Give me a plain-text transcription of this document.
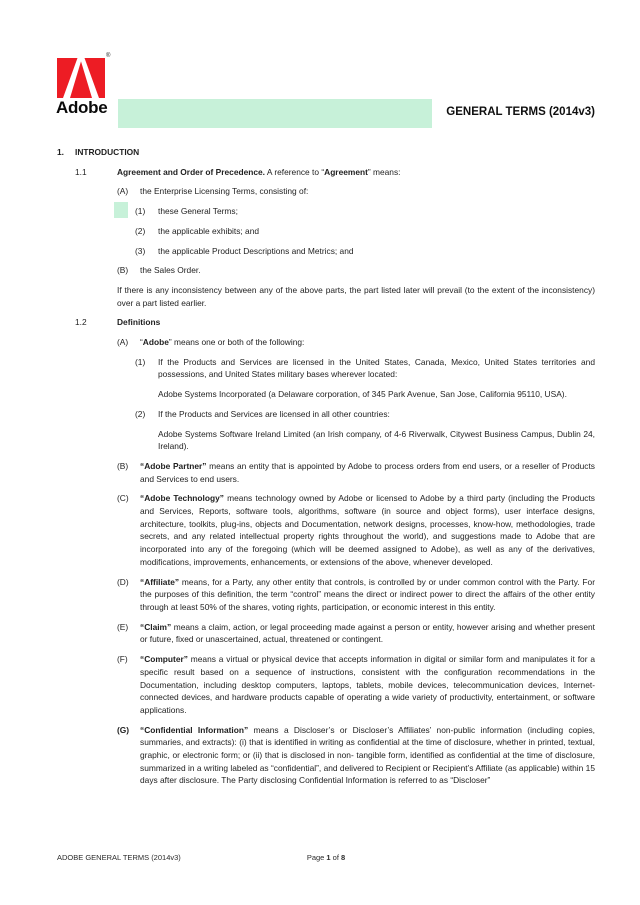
®
Adobe	GENERAL TERMS (2014v3)
1.	INTRODUCTION
1.1	Agreement and Order of Precedence. A reference to “Agreement” means:
(A)	the Enterprise Licensing Terms, consisting of:
(1)	these General Terms;
(2)	the applicable exhibits; and
(3)	the applicable Product Descriptions and Metrics; and
(B)	the Sales Order.
If there is any inconsistency between any of the above parts, the part listed later will prevail (to the extent of the inconsistency) over a part listed earlier.
1.2	Definitions
(A)	“Adobe” means one or both of the following:
(1)	If the Products and Services are licensed in the United States, Canada, Mexico, United States territories and possessions, and United States military bases wherever located:
Adobe Systems Incorporated (a Delaware corporation, of 345 Park Avenue, San Jose, California 95110, USA).
(2)	If the Products and Services are licensed in all other countries:
Adobe Systems Software Ireland Limited (an Irish company, of 4-6 Riverwalk, Citywest Business Campus, Dublin 24, Ireland).
(B)	“Adobe Partner” means an entity that is appointed by Adobe to process orders from end users, or a reseller of Products and Services to end users.
(C)	“Adobe Technology” means technology owned by Adobe or licensed to Adobe by a third party (including the Products and Services, Reports, software tools, algorithms, software (in source and object forms), user interface designs, architecture, toolkits, plug-ins, objects and Documentation, network designs, processes, know-how, methodologies, trade secrets, and any related intellectual property rights throughout the world), and suggestions made to Adobe that are incorporated into any of the foregoing (which will be deemed assigned to Adobe), as well as any of the derivatives, modifications, improvements, enhancements, or extensions of the above, whenever developed.
(D)	“Affiliate” means, for a Party, any other entity that controls, is controlled by or under common control with the Party. For the purposes of this definition, the term “control” means the direct or indirect power to direct the affairs of the other entity through at least 50% of the shares, voting rights, participation, or economic interest in this entity.
(E)	“Claim” means a claim, action, or legal proceeding made against a person or entity, however arising and whether present or future, fixed or unascertained, actual, threatened or contingent.
(F)	“Computer” means a virtual or physical device that accepts information in digital or similar form and manipulates it for a specific result based on a sequence of instructions, consistent with the configuration recommendations in the Documentation, including desktop computers, laptops, tablets, mobile devices, telecommunication devices, Internet-connected devices, and hardware products capable of operating a wide variety of productivity, entertainment, or software applications.
(G)	“Confidential Information” means a Discloser’s or Discloser’s Affiliates’ non-public information (including copies, summaries, and extracts): (i) that is identified in writing as confidential at the time of disclosure, whether in printed, textual, graphic, or electronic form; or (ii) that is disclosed in non- tangible form, identified as confidential at the time of disclosure, summarized in a writing labeled as “confidential”, and delivered to Recipient or Recipient’s Affiliate (as applicable) within 15 days after disclosure. The Party disclosing Confidential Information is referred to as “Discloser”
ADOBE GENERAL TERMS (2014v3)	Page 1 of 8
